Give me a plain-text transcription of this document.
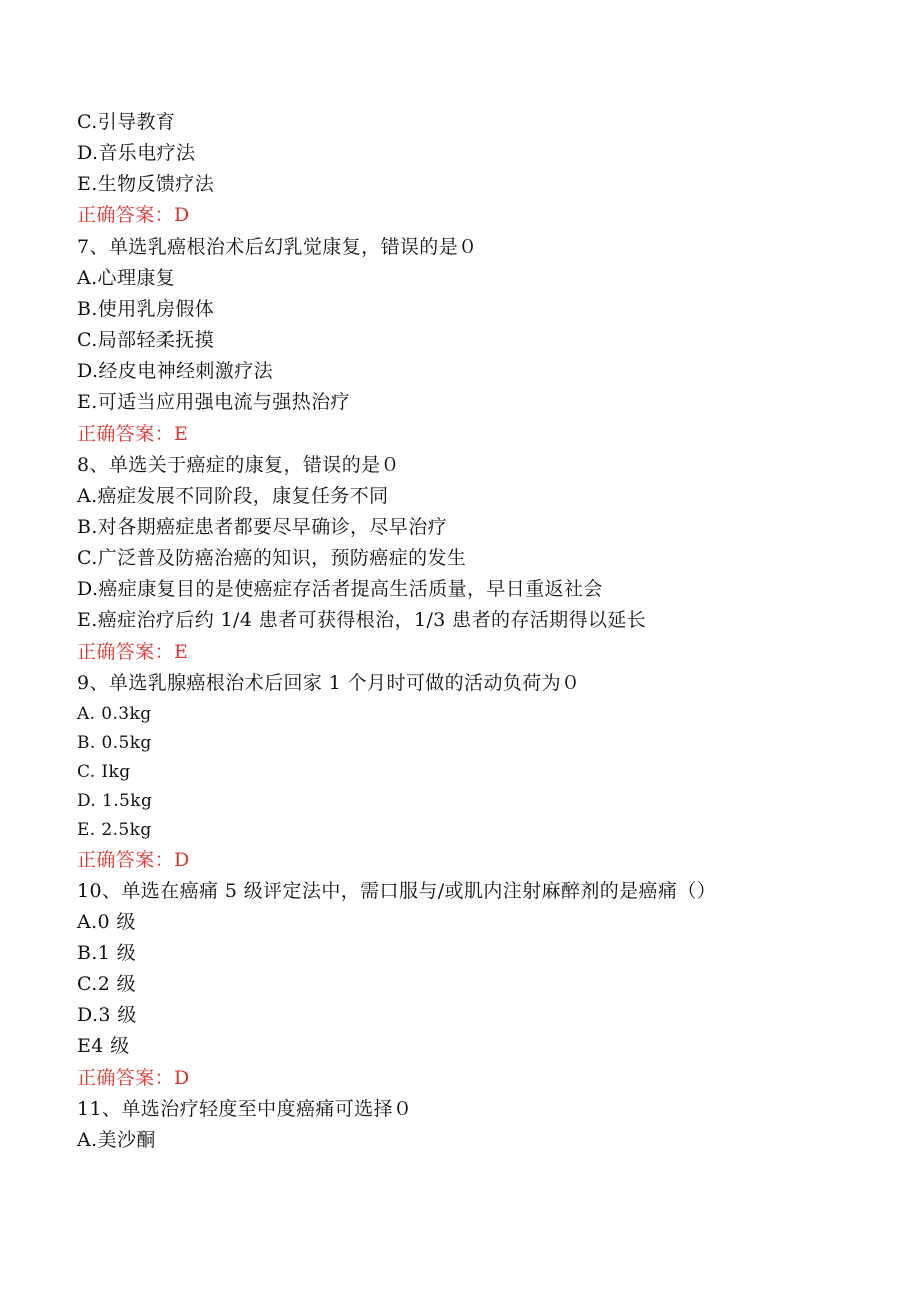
C.引导教育
D.音乐电疗法
E.生物反馈疗法
正确答案：D
7、单选乳癌根治术后幻乳觉康复，错误的是０
A.心理康复
B.使用乳房假体
C.局部轻柔抚摸
D.经皮电神经刺激疗法
E.可适当应用强电流与强热治疗
正确答案：E
8、单选关于癌症的康复，错误的是０
A.癌症发展不同阶段，康复任务不同
B.对各期癌症患者都要尽早确诊，尽早治疗
C.广泛普及防癌治癌的知识，预防癌症的发生
D.癌症康复目的是使癌症存活者提高生活质量，早日重返社会
E.癌症治疗后约 1/4 患者可获得根治，1/3 患者的存活期得以延长
正确答案：E
9、单选乳腺癌根治术后回家 1 个月时可做的活动负荷为０
A. 0.3kg
B. 0.5kg
C. Ikg
D. 1.5kg
E. 2.5kg
正确答案：D
10、单选在癌痛 5 级评定法中，需口服与/或肌内注射麻醉剂的是癌痛（）
A.0 级
B.1 级
C.2 级
D.3 级
E4 级
正确答案：D
11、单选治疗轻度至中度癌痛可选择０
A.美沙酮
